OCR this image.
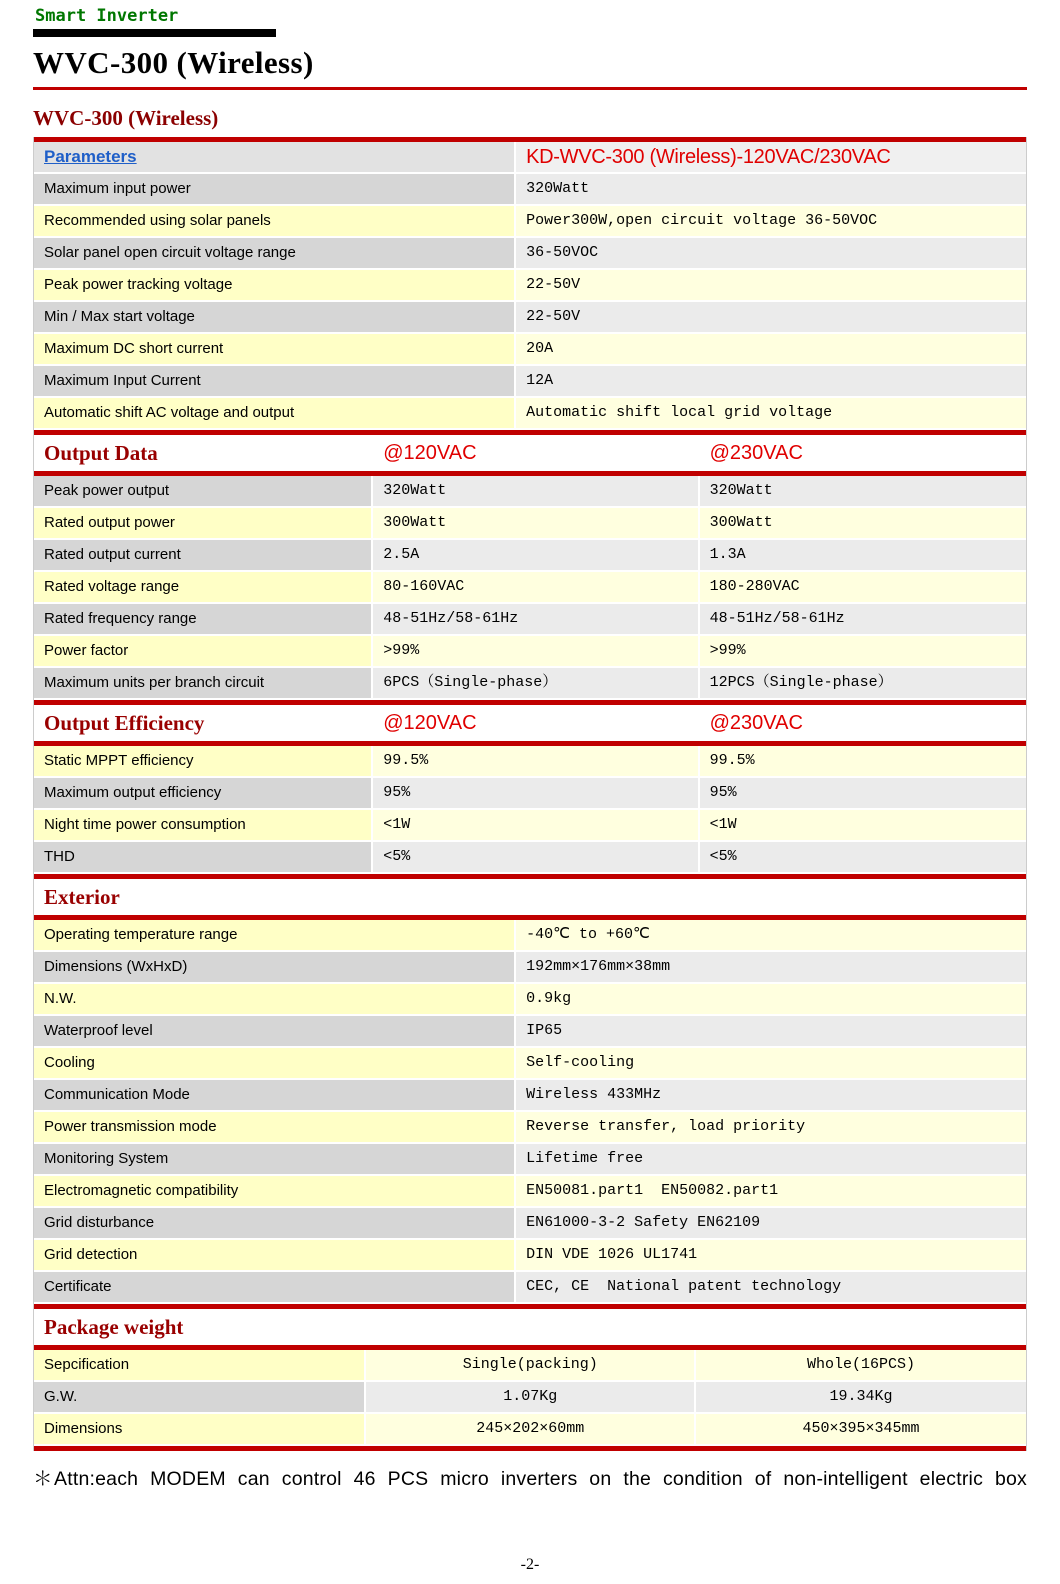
Smart Inverter
WVC-300 (Wireless)
WVC-300 (Wireless)
Parameters	KD-WVC-300 (Wireless)-120VAC/230VAC
Maximum input power	320Watt
Recommended using solar panels	Power300W,open circuit voltage 36-50VOC
Solar panel open circuit voltage range	36-50VOC
Peak power tracking voltage	22-50V
Min / Max start voltage	22-50V
Maximum DC short current	20A
Maximum Input Current	12A
Automatic shift AC voltage and output	Automatic shift local grid voltage
Output Data	@120VAC	@230VAC
Peak power output	320Watt	320Watt
Rated output power	300Watt	300Watt
Rated output current	2.5A	1.3A
Rated voltage range	80-160VAC	180-280VAC
Rated frequency range	48-51Hz/58-61Hz	48-51Hz/58-61Hz
Power factor	>99%	>99%
Maximum units per branch circuit	6PCS（Single-phase）	12PCS（Single-phase）
Output Efficiency	@120VAC	@230VAC
Static MPPT efficiency	99.5%	99.5%
Maximum output efficiency	95%	95%
Night time power consumption	<1W	<1W
THD	<5%	<5%
Exterior
Operating temperature range	-40℃ to +60℃
Dimensions (WxHxD)	192mm×176mm×38mm
N.W.	0.9kg
Waterproof level	IP65
Cooling	Self-cooling
Communication Mode	Wireless 433MHz
Power transmission mode	Reverse transfer, load priority
Monitoring System	Lifetime free
Electromagnetic compatibility	EN50081.part1  EN50082.part1
Grid disturbance	EN61000-3-2 Safety EN62109
Grid detection	DIN VDE 1026 UL1741
Certificate	CEC, CE  National patent technology
Package weight
Sepcification	Single(packing)	Whole(16PCS)
G.W.	1.07Kg	19.34Kg
Dimensions	245×202×60mm	450×395×345mm
＊Attn:each MODEM can control 46 PCS micro inverters on the condition of non-intelligent electric box
-2-
